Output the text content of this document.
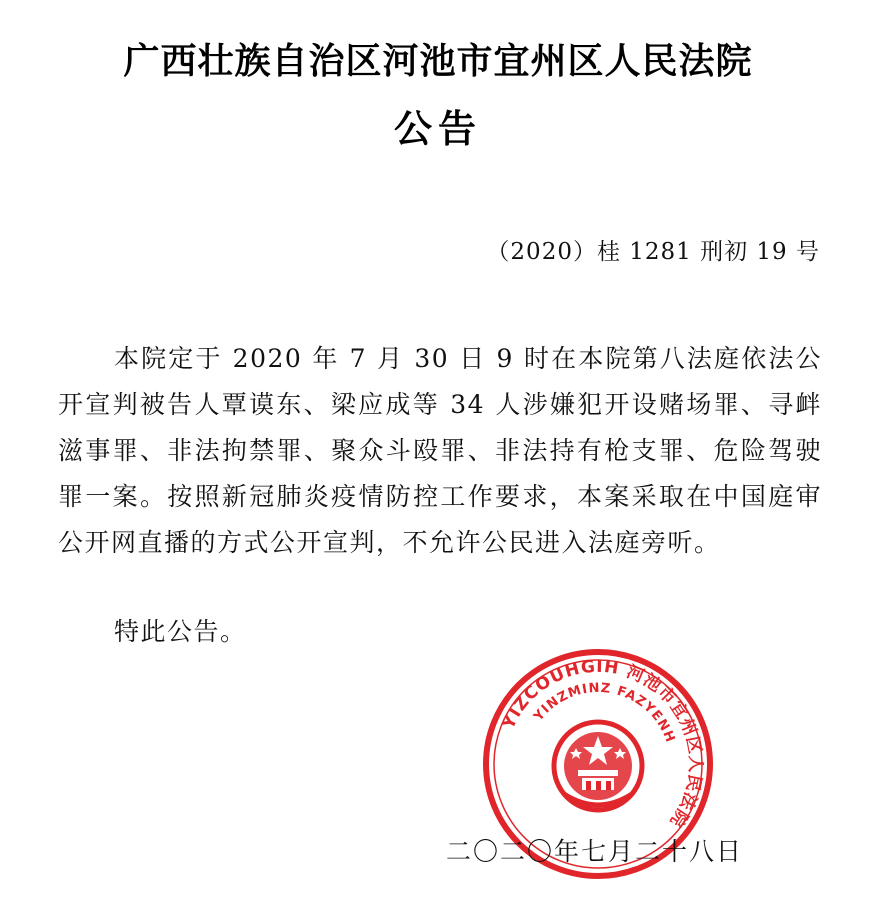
广西壮族自治区河池市宜州区人民法院
公告
（2020）桂 1281 刑初 19 号

本院定于 2020 年 7 月 30 日 9 时在本院第八法庭依法公开宣判被告人覃谟东、梁应成等 34 人涉嫌犯开设赌场罪、寻衅滋事罪、非法拘禁罪、聚众斗殴罪、非法持有枪支罪、危险驾驶罪一案。按照新冠肺炎疫情防控工作要求，本案采取在中国庭审公开网直播的方式公开宣判，不允许公民进入法庭旁听。

特此公告。

YIZCOUHGIH 河池市宜州区人民法院
YINZMINZ FAZYENH
二〇二〇年七月二十八日
